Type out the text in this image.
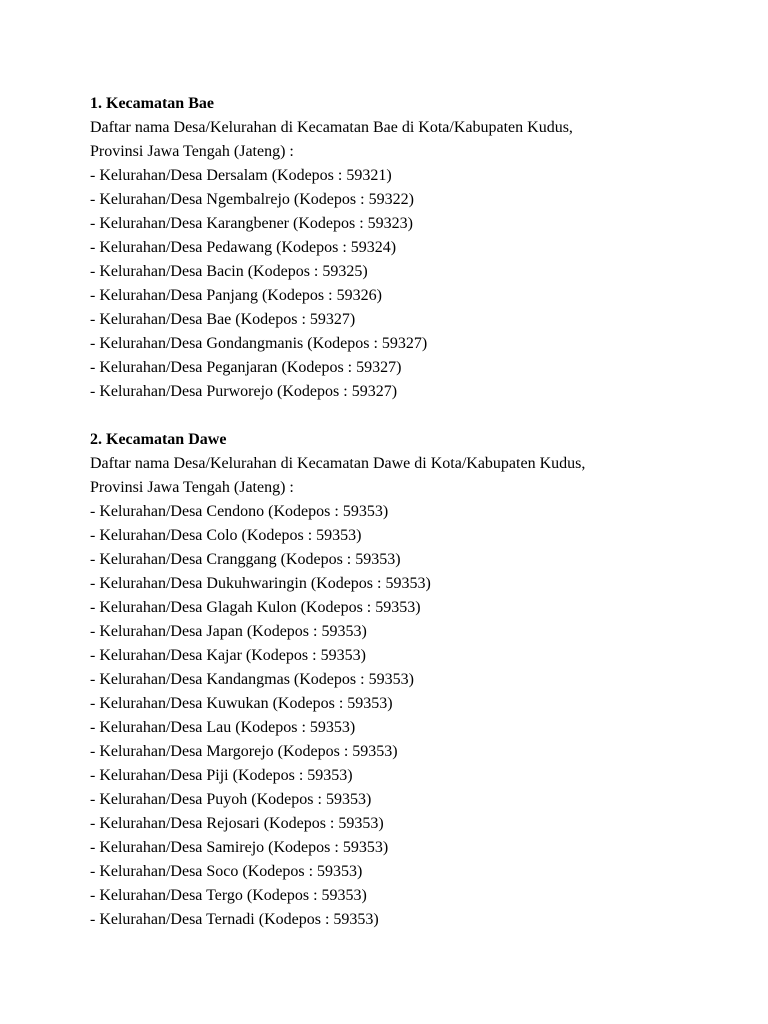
1. Kecamatan Bae

Daftar nama Desa/Kelurahan di Kecamatan Bae di Kota/Kabupaten Kudus,
Provinsi Jawa Tengah (Jateng) :

- Kelurahan/Desa Dersalam (Kodepos : 59321)
- Kelurahan/Desa Ngembalrejo (Kodepos : 59322)
- Kelurahan/Desa Karangbener (Kodepos : 59323)
- Kelurahan/Desa Pedawang (Kodepos : 59324)
- Kelurahan/Desa Bacin (Kodepos : 59325)
- Kelurahan/Desa Panjang (Kodepos : 59326)
- Kelurahan/Desa Bae (Kodepos : 59327)
- Kelurahan/Desa Gondangmanis (Kodepos : 59327)
- Kelurahan/Desa Peganjaran (Kodepos : 59327)
- Kelurahan/Desa Purworejo (Kodepos : 59327)
2. Kecamatan Dawe

Daftar nama Desa/Kelurahan di Kecamatan Dawe di Kota/Kabupaten Kudus,
Provinsi Jawa Tengah (Jateng) :

- Kelurahan/Desa Cendono (Kodepos : 59353)
- Kelurahan/Desa Colo (Kodepos : 59353)
- Kelurahan/Desa Cranggang (Kodepos : 59353)
- Kelurahan/Desa Dukuhwaringin (Kodepos : 59353)
- Kelurahan/Desa Glagah Kulon (Kodepos : 59353)
- Kelurahan/Desa Japan (Kodepos : 59353)
- Kelurahan/Desa Kajar (Kodepos : 59353)
- Kelurahan/Desa Kandangmas (Kodepos : 59353)
- Kelurahan/Desa Kuwukan (Kodepos : 59353)
- Kelurahan/Desa Lau (Kodepos : 59353)
- Kelurahan/Desa Margorejo (Kodepos : 59353)
- Kelurahan/Desa Piji (Kodepos : 59353)
- Kelurahan/Desa Puyoh (Kodepos : 59353)
- Kelurahan/Desa Rejosari (Kodepos : 59353)
- Kelurahan/Desa Samirejo (Kodepos : 59353)
- Kelurahan/Desa Soco (Kodepos : 59353)
- Kelurahan/Desa Tergo (Kodepos : 59353)
- Kelurahan/Desa Ternadi (Kodepos : 59353)
